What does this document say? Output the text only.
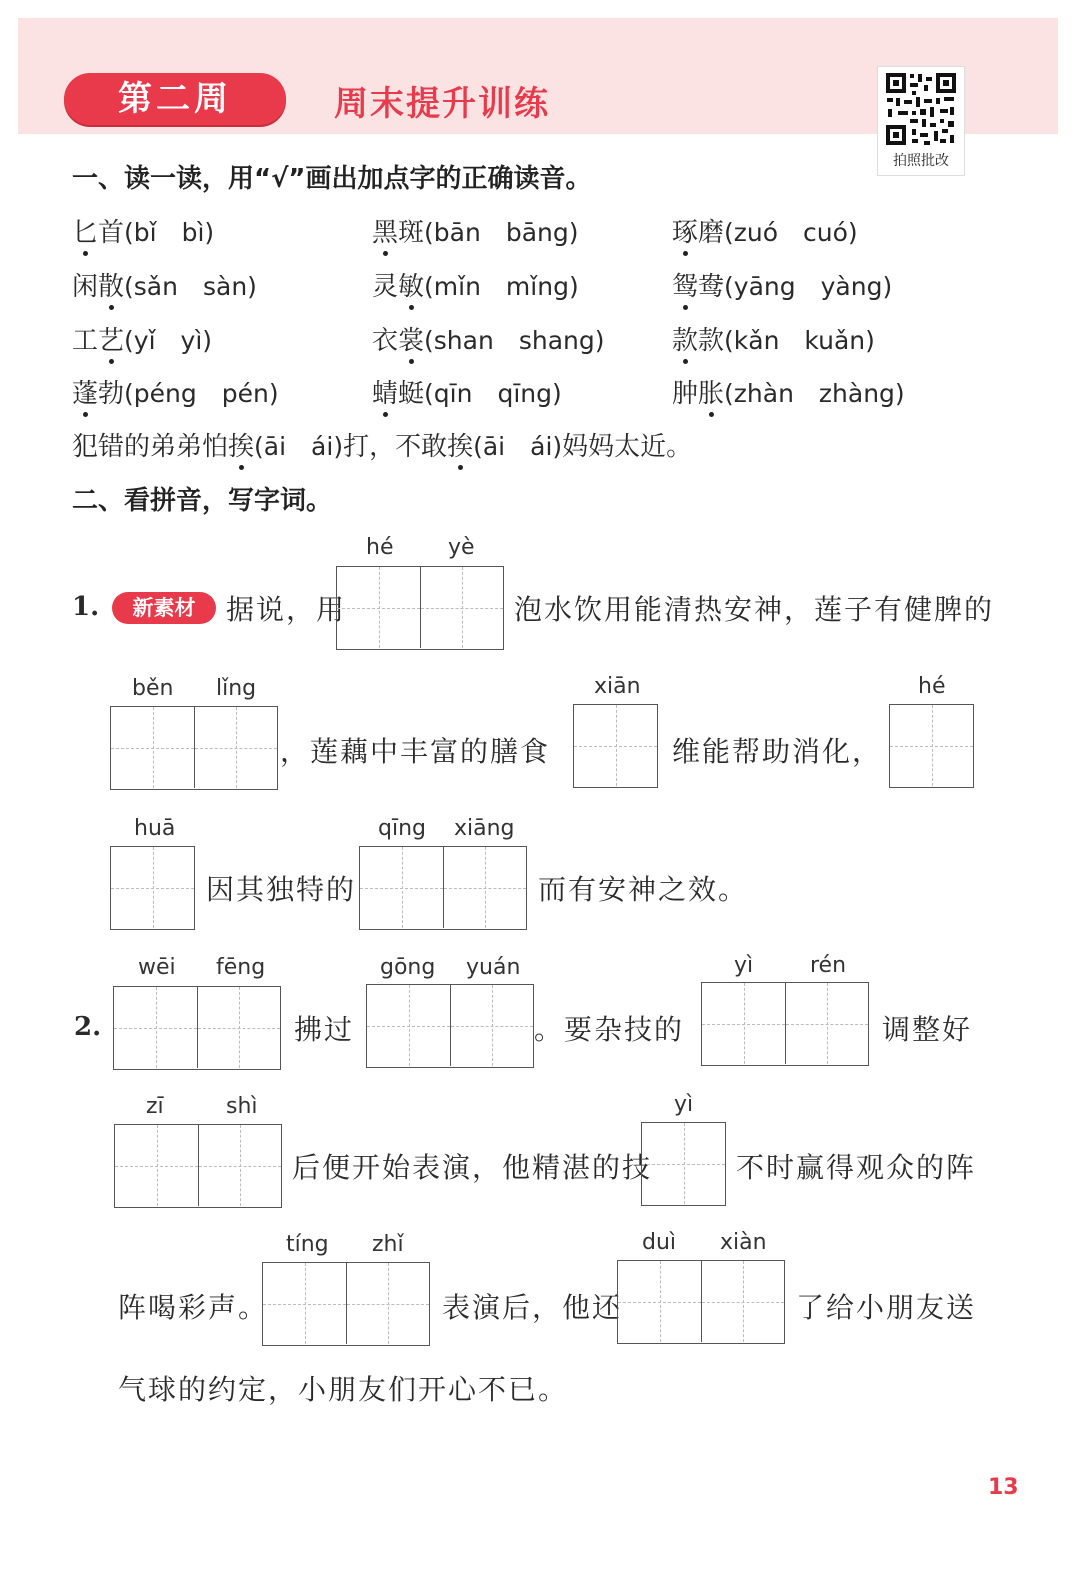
第二周	周末提升训练
拍照批改
一、读一读，用“√”画出加点字的正确读音。
匕首(bǐ　bì)	黑斑(bān　bāng)	琢磨(zuó　cuó)
闲散(sǎn　sàn)	灵敏(mǐn　mǐng)	鸳鸯(yāng　yàng)
工艺(yǐ　yì)	衣裳(shan　shang)	款款(kǎn　kuǎn)
蓬勃(péng　pén)	蜻蜓(qīn　qīng)	肿胀(zhàn　zhàng)
犯错的弟弟怕挨(āi　ái)打，不敢挨(āi　ái)妈妈太近。
二、看拼音，写字词。
1.	新素材	据说，用
hé yè
泡水饮用能清热安神，莲子有健脾的
běn lǐng
，莲藕中丰富的膳食
xiān
维能帮助消化，
hé
huā
因其独特的
qīng xiāng
而有安神之效。
2.
wēi fēng
拂过
gōng yuán
。要杂技的
yì	rén
调整好
zī	shì
后便开始表演，他精湛的技
yì
不时赢得观众的阵
阵喝彩声。
tíng zhǐ
表演后，他还
duì xiàn
了给小朋友送
气球的约定，小朋友们开心不已。
13
